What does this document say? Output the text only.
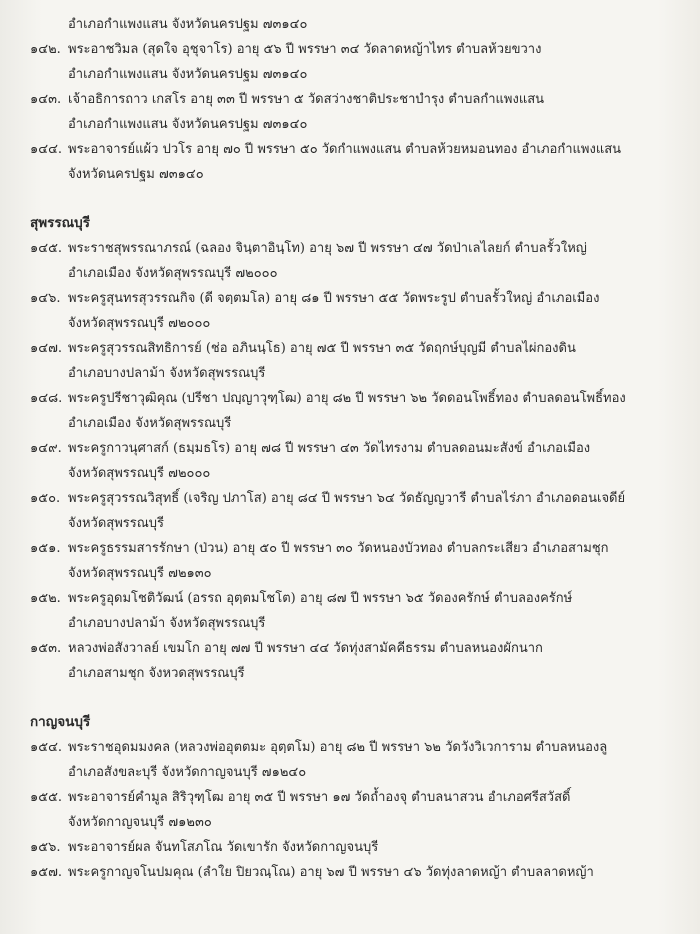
อำเภอกำแพงแสน จังหวัดนครปฐม ๗๓๑๔๐
๑๔๒. พระอาชวิมล (สุดใจ อุชุจาโร) อายุ ๕๖ ปี พรรษา ๓๔ วัดลาดหญ้าไทร ตำบลห้วยขวาง
อำเภอกำแพงแสน จังหวัดนครปฐม ๗๓๑๔๐
๑๔๓. เจ้าอธิการถาว เกสโร อายุ ๓๓ ปี พรรษา ๕ วัดสว่างชาติประชาบำรุง ตำบลกำแพงแสน
อำเภอกำแพงแสน จังหวัดนครปฐม ๗๓๑๔๐
๑๔๔. พระอาจารย์แผ้ว ปวโร อายุ ๗๐ ปี พรรษา ๕๐ วัดกำแพงแสน ตำบลห้วยหมอนทอง อำเภอกำแพงแสน
จังหวัดนครปฐม ๗๓๑๔๐
สุพรรณบุรี
๑๔๕. พระราชสุพรรณาภรณ์ (ฉลอง จินฺตาอินฺโท) อายุ ๖๗ ปี พรรษา ๔๗ วัดป่าเลไลยก์ ตำบลรั้วใหญ่
อำเภอเมือง จังหวัดสุพรรณบุรี ๗๒๐๐๐
๑๔๖. พระครูสุนทรสุวรรณกิจ (ดี จตฺตมโล) อายุ ๘๑ ปี พรรษา ๕๕ วัดพระรูป ตำบลรั้วใหญ่ อำเภอเมือง
จังหวัดสุพรรณบุรี ๗๒๐๐๐
๑๔๗. พระครูสุวรรณสิทธิการย์ (ช่อ อภินนฺโธ) อายุ ๗๕ ปี พรรษา ๓๕ วัดฤกษ์บุญมี ตำบลไผ่กองดิน
อำเภอบางปลาม้า จังหวัดสุพรรณบุรี
๑๔๘. พระครูปรีชาวุฒิคุณ (ปรีชา ปญฺญาวุฑฺโฒ) อายุ ๘๒ ปี พรรษา ๖๒ วัดดอนโพธิ์ทอง ตำบลดอนโพธิ์ทอง
อำเภอเมือง จังหวัดสุพรรณบุรี
๑๔๙. พระครูกาวนุศาสก์ (ธมฺมธโร) อายุ ๗๘ ปี พรรษา ๔๓ วัดไทรงาม ตำบลดอนมะสังข์ อำเภอเมือง
จังหวัดสุพรรณบุรี ๗๒๐๐๐
๑๕๐. พระครูสุวรรณวิสุทธิ์ (เจริญ ปภาโส) อายุ ๘๔ ปี พรรษา ๖๔ วัดธัญญวารี ตำบลไร่ภา อำเภอดอนเจดีย์
จังหวัดสุพรรณบุรี
๑๕๑. พระครูธรรมสารรักษา (ป่วน) อายุ ๕๐ ปี พรรษา ๓๐ วัดหนองบัวทอง ตำบลกระเสียว อำเภอสามชุก
จังหวัดสุพรรณบุรี ๗๒๑๓๐
๑๕๒. พระครูอุดมโชติวัฒน์ (อรรถ อุตฺตมโชโต) อายุ ๘๗ ปี พรรษา ๖๕ วัดองครักษ์ ตำบลองครักษ์
อำเภอบางปลาม้า จังหวัดสุพรรณบุรี
๑๕๓. หลวงพ่อสังวาลย์ เขมโก อายุ ๗๗ ปี พรรษา ๔๔ วัดทุ่งสามัคคีธรรม ตำบลหนองผักนาก
อำเภอสามชุก จังหวดสุพรรณบุรี
กาญจนบุรี
๑๕๔. พระราชอุดมมงคล (หลวงพ่ออุตตมะ อุตฺตโม) อายุ ๘๒ ปี พรรษา ๖๒ วัดวังวิเวการาม ตำบลหนองลู
อำเภอสังขละบุรี จังหวัดกาญจนบุรี ๗๑๒๔๐
๑๕๕. พระอาจารย์คำมูล สิริวุฑฺโฒ อายุ ๓๕ ปี พรรษา ๑๗ วัดถ้ำองจุ ตำบลนาสวน อำเภอศรีสวัสดิ์
จังหวัดกาญจนบุรี ๗๑๒๓๐
๑๕๖. พระอาจารย์ผล จันทโสภโณ วัดเขารัก จังหวัดกาญจนบุรี
๑๕๗. พระครูกาญจโนปมคุณ (ลำใย ปิยวณฺโณ) อายุ ๖๗ ปี พรรษา ๔๖ วัดทุ่งลาดหญ้า ตำบลลาดหญ้า
